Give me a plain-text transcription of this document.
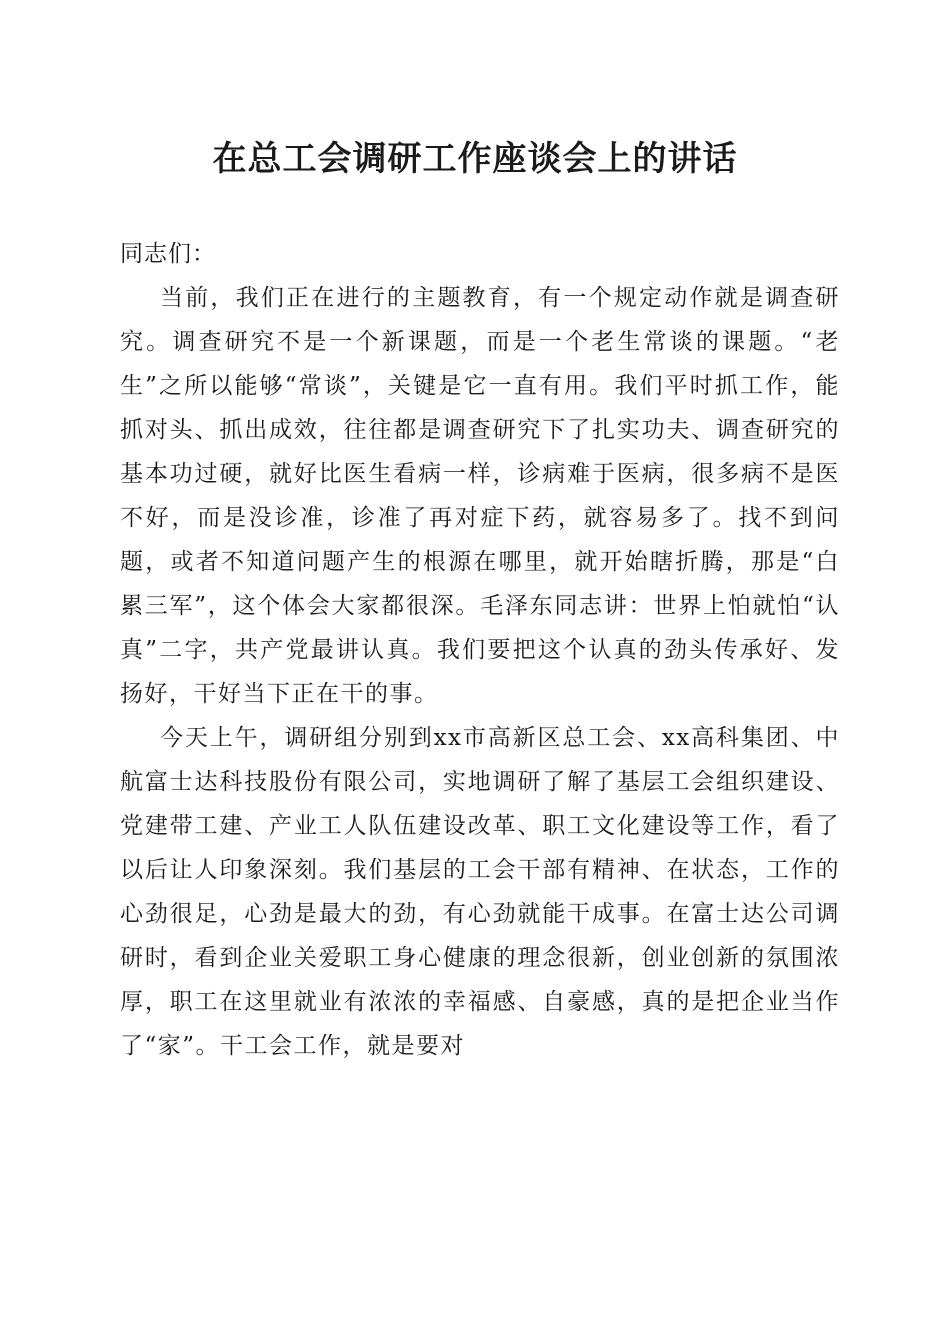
在总工会调研工作座谈会上的讲话

同志们：

当前，我们正在进行的主题教育，有一个规定动作就是调查研究。调查研究不是一个新课题，而是一个老生常谈的课题。“老生”之所以能够“常谈”，关键是它一直有用。我们平时抓工作，能抓对头、抓出成效，往往都是调查研究下了扎实功夫、调查研究的基本功过硬，就好比医生看病一样，诊病难于医病，很多病不是医不好，而是没诊准，诊准了再对症下药，就容易多了。找不到问题，或者不知道问题产生的根源在哪里，就开始瞎折腾，那是“白累三军”，这个体会大家都很深。毛泽东同志讲：世界上怕就怕“认真”二字，共产党最讲认真。我们要把这个认真的劲头传承好、发扬好，干好当下正在干的事。

今天上午，调研组分别到xx市高新区总工会、xx高科集团、中航富士达科技股份有限公司，实地调研了解了基层工会组织建设、党建带工建、产业工人队伍建设改革、职工文化建设等工作，看了以后让人印象深刻。我们基层的工会干部有精神、在状态，工作的心劲很足，心劲是最大的劲，有心劲就能干成事。在富士达公司调研时，看到企业关爱职工身心健康的理念很新，创业创新的氛围浓厚，职工在这里就业有浓浓的幸福感、自豪感，真的是把企业当作了“家”。干工会工作，就是要对
